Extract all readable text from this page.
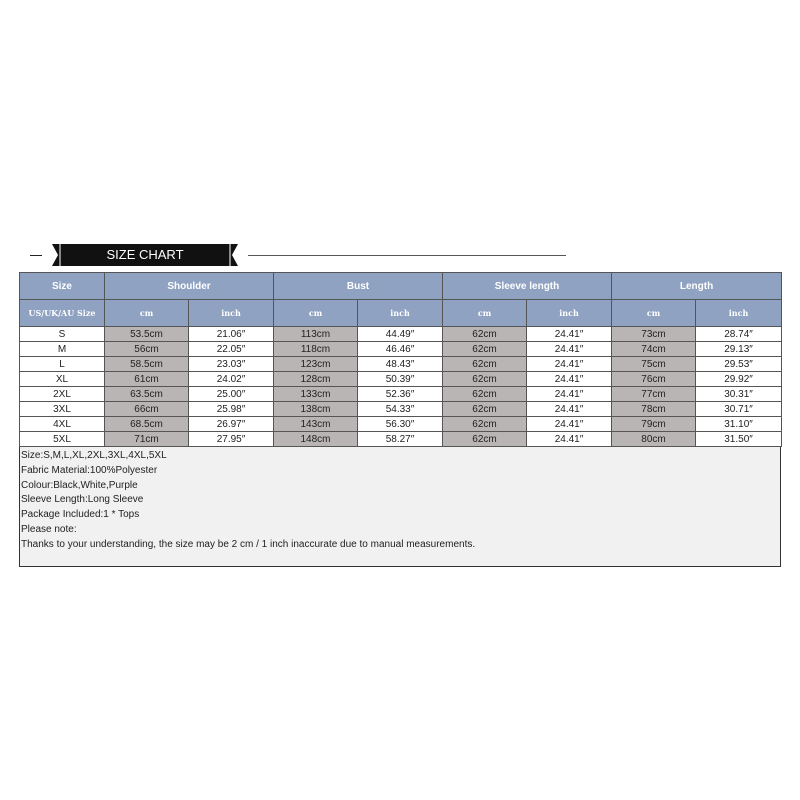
SIZE CHART
Size	Shoulder		Bust		Sleeve length		Length	
US/UK/AU Size	cm	inch	cm	inch	cm	inch	cm	inch
S	53.5cm	21.06″	113cm	44.49″	62cm	24.41″	73cm	28.74″
M	56cm	22.05″	118cm	46.46″	62cm	24.41″	74cm	29.13″
L	58.5cm	23.03″	123cm	48.43″	62cm	24.41″	75cm	29.53″
XL	61cm	24.02″	128cm	50.39″	62cm	24.41″	76cm	29.92″
2XL	63.5cm	25.00″	133cm	52.36″	62cm	24.41″	77cm	30.31″
3XL	66cm	25.98″	138cm	54.33″	62cm	24.41″	78cm	30.71″
4XL	68.5cm	26.97″	143cm	56.30″	62cm	24.41″	79cm	31.10″
5XL	71cm	27.95″	148cm	58.27″	62cm	24.41″	80cm	31.50″
Size:S,M,L,XL,2XL,3XL,4XL,5XL
Fabric Material:100%Polyester
Colour:Black,White,Purple
Sleeve Length:Long Sleeve
Package Included:1 * Tops
Please note:
Thanks to your understanding, the size may be 2 cm / 1 inch inaccurate due to manual measurements.
